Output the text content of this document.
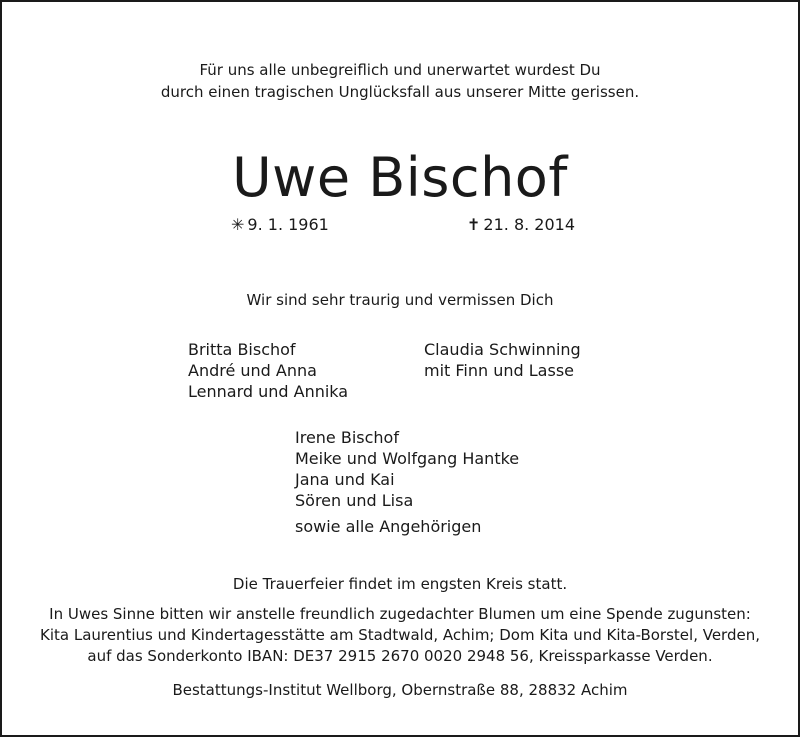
Für uns alle unbegreiflich und unerwartet wurdest Du
durch einen tragischen Unglücksfall aus unserer Mitte gerissen.
Uwe Bischof
✳ 9. 1. 1961	✝ 21. 8. 2014
Wir sind sehr traurig und vermissen Dich
Britta Bischof
André und Anna
Lennard und Annika
Claudia Schwinning
mit Finn und Lasse
Irene Bischof
Meike und Wolfgang Hantke
Jana und Kai
Sören und Lisa
sowie alle Angehörigen
Die Trauerfeier findet im engsten Kreis statt.
In Uwes Sinne bitten wir anstelle freundlich zugedachter Blumen um eine Spende zugunsten:
Kita Laurentius und Kindertagesstätte am Stadtwald, Achim; Dom Kita und Kita-Borstel, Verden,
auf das Sonderkonto IBAN: DE37 2915 2670 0020 2948 56, Kreissparkasse Verden.
Bestattungs-Institut Wellborg, Obernstraße 88, 28832 Achim
